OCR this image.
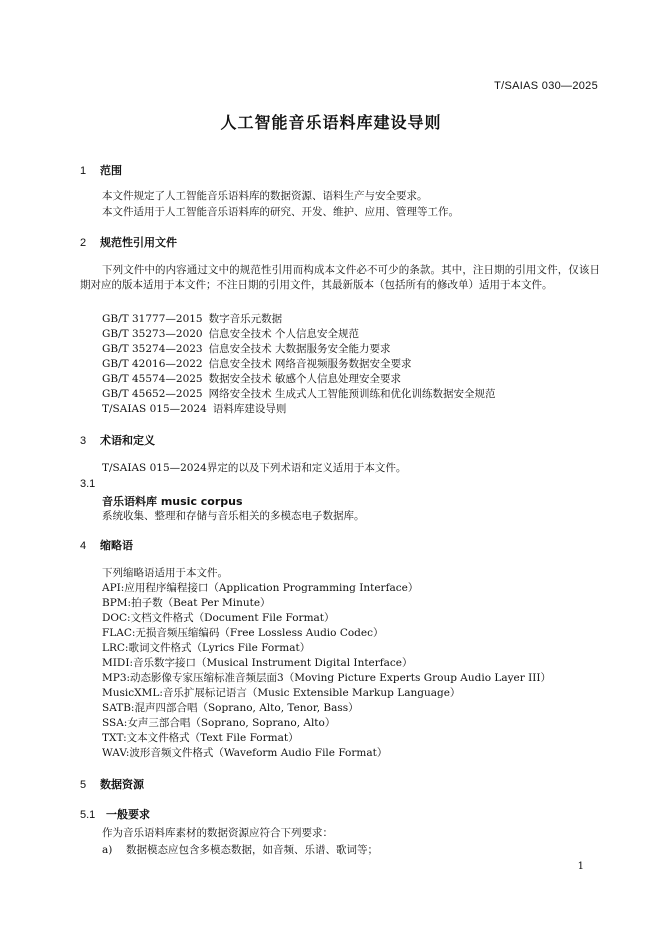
T/SAIAS 030—2025
人工智能音乐语料库建设导则
1 范围
本文件规定了人工智能音乐语料库的数据资源、语料生产与安全要求。
本文件适用于人工智能音乐语料库的研究、开发、维护、应用、管理等工作。
2 规范性引用文件
下列文件中的内容通过文中的规范性引用而构成本文件必不可少的条款。其中，注日期的引用文件，仅该日期对应的版本适用于本文件；不注日期的引用文件，其最新版本（包括所有的修改单）适用于本文件。
GB/T 31777—2015 数字音乐元数据
GB/T 35273—2020 信息安全技术 个人信息安全规范
GB/T 35274—2023 信息安全技术 大数据服务安全能力要求
GB/T 42016—2022 信息安全技术 网络音视频服务数据安全要求
GB/T 45574—2025 数据安全技术 敏感个人信息处理安全要求
GB/T 45652—2025 网络安全技术 生成式人工智能预训练和优化训练数据安全规范
T/SAIAS 015—2024 语料库建设导则
3 术语和定义
T/SAIAS 015—2024界定的以及下列术语和定义适用于本文件。
3.1
音乐语料库 music corpus
系统收集、整理和存储与音乐相关的多模态电子数据库。
4 缩略语
下列缩略语适用于本文件。
API:应用程序编程接口（Application Programming Interface）
BPM:拍子数（Beat Per Minute）
DOC:文档文件格式（Document File Format）
FLAC:无损音频压缩编码（Free Lossless Audio Codec）
LRC:歌词文件格式（Lyrics File Format）
MIDI:音乐数字接口（Musical Instrument Digital Interface）
MP3:动态影像专家压缩标准音频层面3（Moving Picture Experts Group Audio Layer III）
MusicXML:音乐扩展标记语言（Music Extensible Markup Language）
SATB:混声四部合唱（Soprano, Alto, Tenor, Bass）
SSA:女声三部合唱（Soprano, Soprano, Alto）
TXT:文本文件格式（Text File Format）
WAV:波形音频文件格式（Waveform Audio File Format）
5 数据资源
5.1 一般要求
作为音乐语料库素材的数据资源应符合下列要求：
a) 数据模态应包含多模态数据，如音频、乐谱、歌词等；
1
